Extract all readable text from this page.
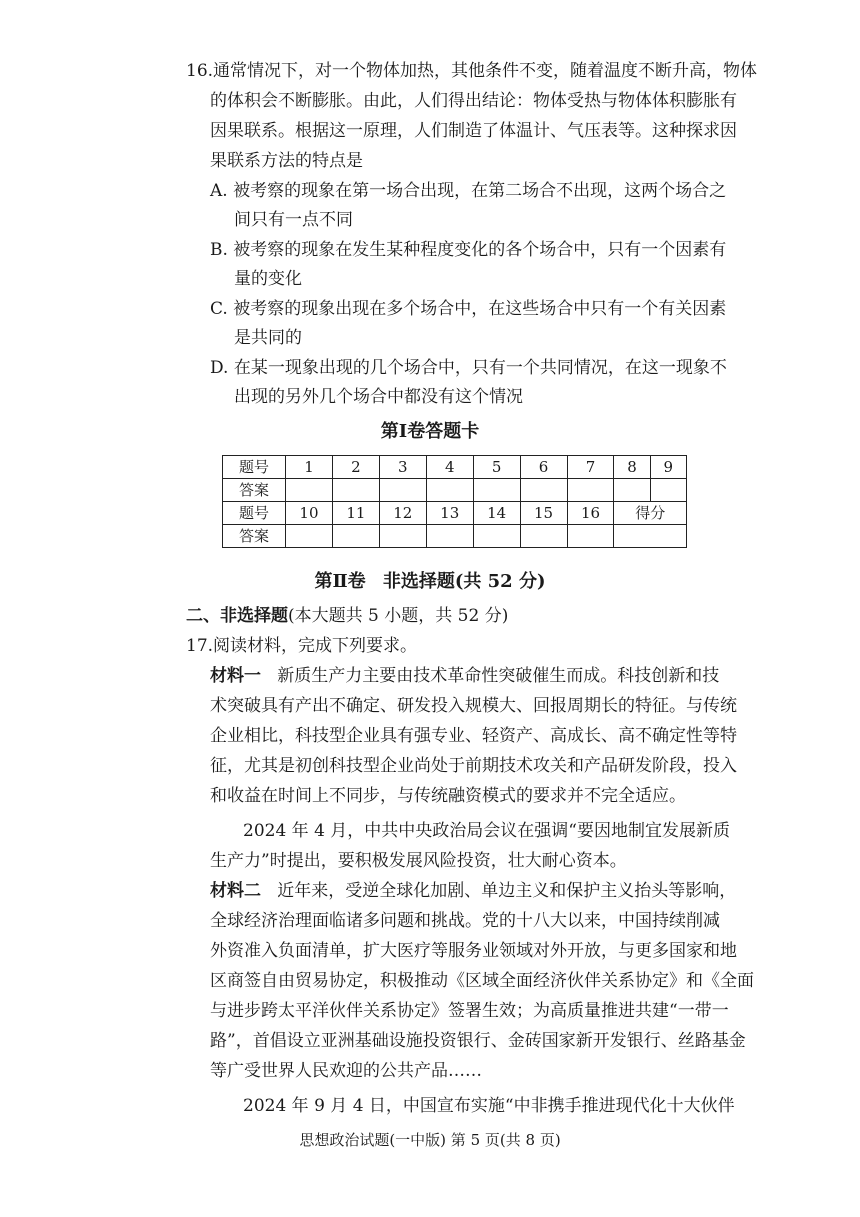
16.通常情况下，对一个物体加热，其他条件不变，随着温度不断升高，物体
的体积会不断膨胀。由此，人们得出结论：物体受热与物体体积膨胀有
因果联系。根据这一原理，人们制造了体温计、气压表等。这种探求因
果联系方法的特点是
A. 被考察的现象在第一场合出现，在第二场合不出现，这两个场合之
间只有一点不同
B. 被考察的现象在发生某种程度变化的各个场合中，只有一个因素有
量的变化
C. 被考察的现象出现在多个场合中，在这些场合中只有一个有关因素
是共同的
D. 在某一现象出现的几个场合中，只有一个共同情况，在这一现象不
出现的另外几个场合中都没有这个情况
第Ⅰ卷答题卡
题号	1	2	3	4	5	6	7	8	9
答案									
题号	10	11	12	13	14	15	16	得分	
答案									
第Ⅱ卷 非选择题(共 52 分)
二、非选择题(本大题共 5 小题，共 52 分)
17.阅读材料，完成下列要求。
材料一 新质生产力主要由技术革命性突破催生而成。科技创新和技
术突破具有产出不确定、研发投入规模大、回报周期长的特征。与传统
企业相比，科技型企业具有强专业、轻资产、高成长、高不确定性等特
征，尤其是初创科技型企业尚处于前期技术攻关和产品研发阶段，投入
和收益在时间上不同步，与传统融资模式的要求并不完全适应。
2024 年 4 月，中共中央政治局会议在强调“要因地制宜发展新质
生产力”时提出，要积极发展风险投资，壮大耐心资本。
材料二 近年来，受逆全球化加剧、单边主义和保护主义抬头等影响，
全球经济治理面临诸多问题和挑战。党的十八大以来，中国持续削减
外资准入负面清单，扩大医疗等服务业领域对外开放，与更多国家和地
区商签自由贸易协定，积极推动《区域全面经济伙伴关系协定》和《全面
与进步跨太平洋伙伴关系协定》签署生效；为高质量推进共建“一带一
路”，首倡设立亚洲基础设施投资银行、金砖国家新开发银行、丝路基金
等广受世界人民欢迎的公共产品……
2024 年 9 月 4 日，中国宣布实施“中非携手推进现代化十大伙伴
思想政治试题(一中版) 第 5 页(共 8 页)
